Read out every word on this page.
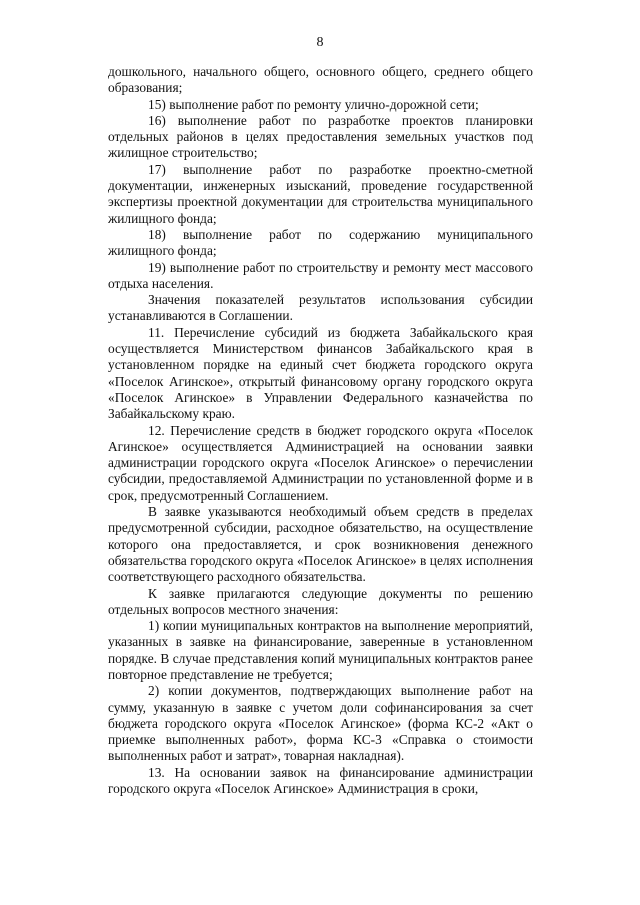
8

дошкольного, начального общего, основного общего, среднего общего образования;

15) выполнение работ по ремонту улично-дорожной сети;

16) выполнение работ по разработке проектов планировки отдельных районов в целях предоставления земельных участков под жилищное строительство;

17) выполнение работ по разработке проектно-сметной документации, инженерных изысканий, проведение государственной экспертизы проектной документации для строительства муниципального жилищного фонда;

18) выполнение работ по содержанию муниципального жилищного фонда;

19) выполнение работ по строительству и ремонту мест массового отдыха населения.

Значения показателей результатов использования субсидии устанавливаются в Соглашении.

11. Перечисление субсидий из бюджета Забайкальского края осуществляется Министерством финансов Забайкальского края в установленном порядке на единый счет бюджета городского округа «Поселок Агинское», открытый финансовому органу городского округа «Поселок Агинское» в Управлении Федерального казначейства по Забайкальскому краю.

12. Перечисление средств в бюджет городского округа «Поселок Агинское» осуществляется Администрацией на основании заявки администрации городского округа «Поселок Агинское» о перечислении субсидии, предоставляемой Администрации по установленной форме и в срок, предусмотренный Соглашением.

В заявке указываются необходимый объем средств в пределах предусмотренной субсидии, расходное обязательство, на осуществление которого она предоставляется, и срок возникновения денежного обязательства городского округа «Поселок Агинское» в целях исполнения соответствующего расходного обязательства.

К заявке прилагаются следующие документы по решению отдельных вопросов местного значения:

1) копии муниципальных контрактов на выполнение мероприятий, указанных в заявке на финансирование, заверенные в установленном порядке. В случае представления копий муниципальных контрактов ранее повторное представление не требуется;

2) копии документов, подтверждающих выполнение работ на сумму, указанную в заявке с учетом доли софинансирования за счет бюджета городского округа «Поселок Агинское» (форма КС-2 «Акт о приемке выполненных работ», форма КС-3 «Справка о стоимости выполненных работ и затрат», товарная накладная).

13. На основании заявок на финансирование администрации городского округа «Поселок Агинское» Администрация в сроки,
